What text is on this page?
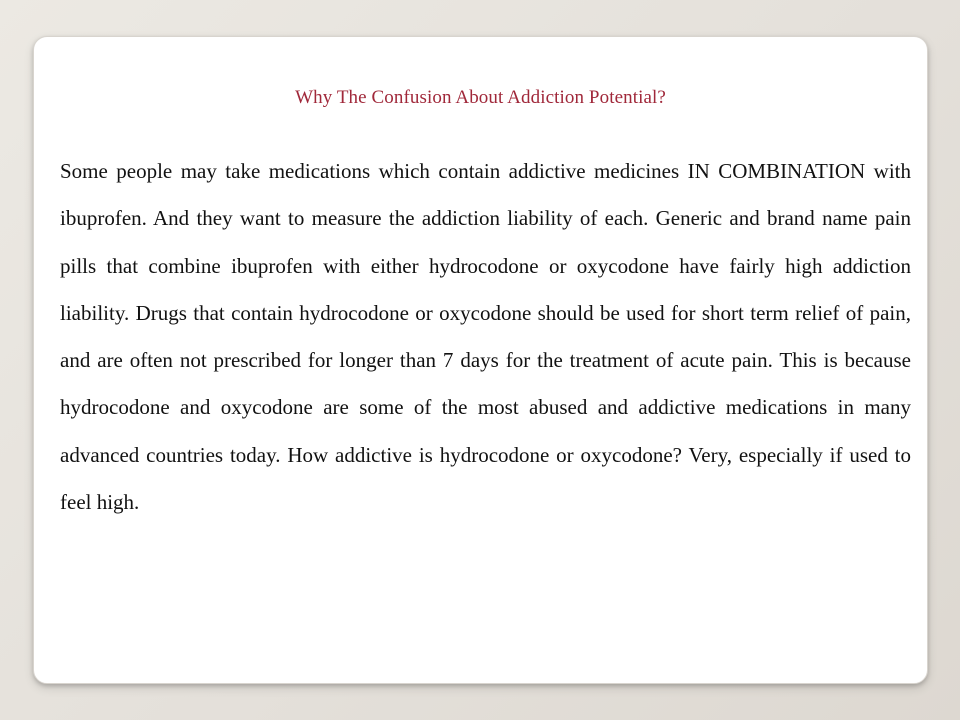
Why The Confusion About Addiction Potential?

Some people may take medications which contain addictive medicines IN COMBINATION with ibuprofen. And they want to measure the addiction liability of each. Generic and brand name pain pills that combine ibuprofen with either hydrocodone or oxycodone have fairly high addiction liability. Drugs that contain hydrocodone or oxycodone should be used for short term relief of pain, and are often not prescribed for longer than 7 days for the treatment of acute pain. This is because hydrocodone and oxycodone are some of the most abused and addictive medications in many advanced countries today. How addictive is hydrocodone or oxycodone? Very, especially if used to feel high.
